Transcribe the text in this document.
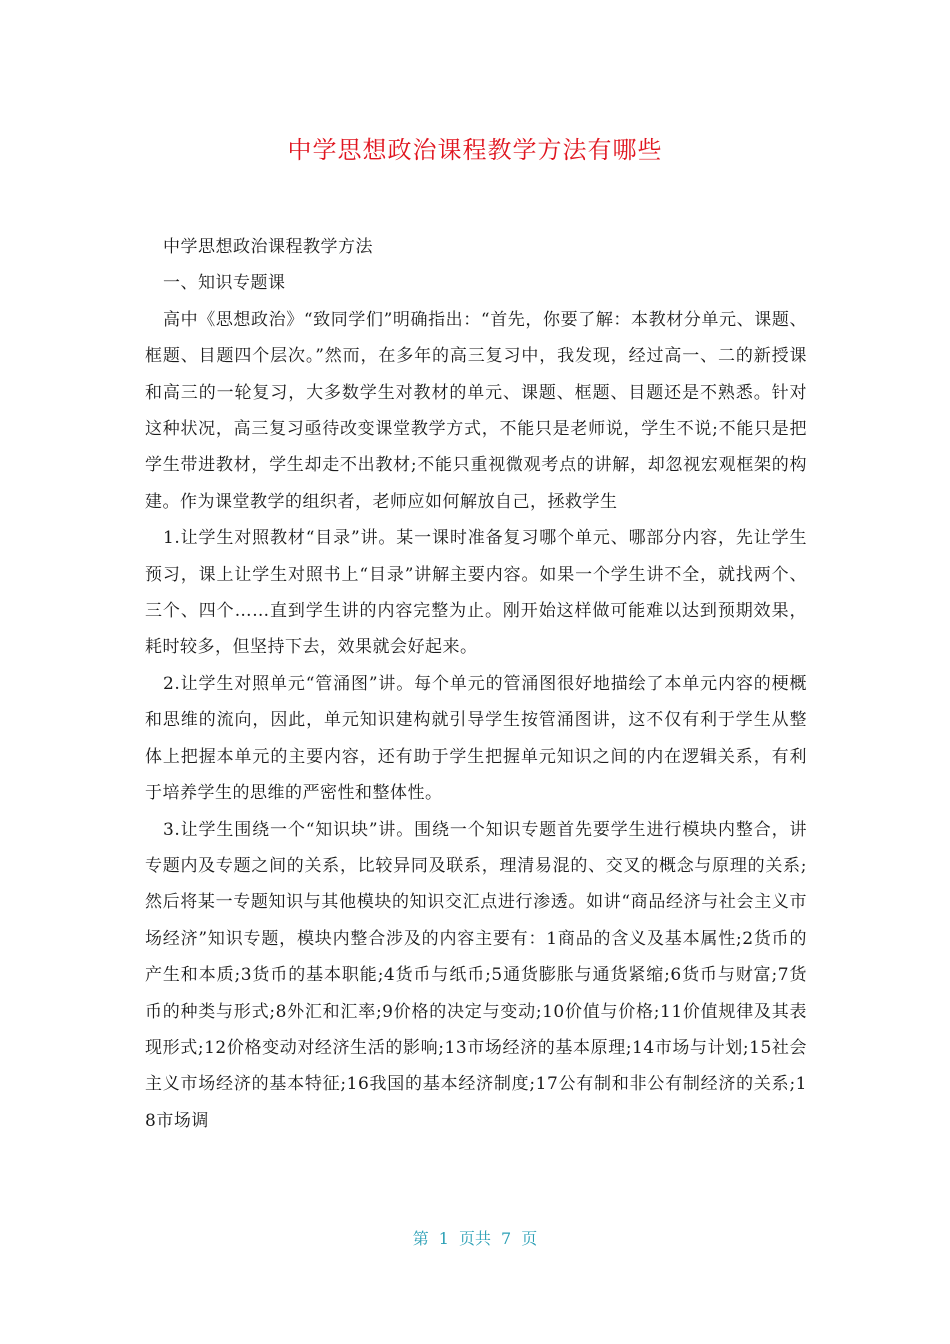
中学思想政治课程教学方法有哪些

中学思想政治课程教学方法

一、知识专题课

高中《思想政治》“致同学们”明确指出：“首先，你要了解：本教材分单元、课题、框题、目题四个层次。”然而，在多年的高三复习中，我发现，经过高一、二的新授课和高三的一轮复习，大多数学生对教材的单元、课题、框题、目题还是不熟悉。针对这种状况，高三复习亟待改变课堂教学方式，不能只是老师说，学生不说;不能只是把学生带进教材，学生却走不出教材;不能只重视微观考点的讲解，却忽视宏观框架的构建。作为课堂教学的组织者，老师应如何解放自己，拯救学生

1.让学生对照教材“目录”讲。某一课时准备复习哪个单元、哪部分内容，先让学生预习，课上让学生对照书上“目录”讲解主要内容。如果一个学生讲不全，就找两个、三个、四个……直到学生讲的内容完整为止。刚开始这样做可能难以达到预期效果，耗时较多，但坚持下去，效果就会好起来。

2.让学生对照单元“管涌图”讲。每个单元的管涌图很好地描绘了本单元内容的梗概和思维的流向，因此，单元知识建构就引导学生按管涌图讲，这不仅有利于学生从整体上把握本单元的主要内容，还有助于学生把握单元知识之间的内在逻辑关系，有利于培养学生的思维的严密性和整体性。

3.让学生围绕一个“知识块”讲。围绕一个知识专题首先要学生进行模块内整合，讲专题内及专题之间的关系，比较异同及联系，理清易混的、交叉的概念与原理的关系;然后将某一专题知识与其他模块的知识交汇点进行渗透。如讲“商品经济与社会主义市场经济”知识专题，模块内整合涉及的内容主要有：1商品的含义及基本属性;2货币的产生和本质;3货币的基本职能;4货币与纸币;5通货膨胀与通货紧缩;6货币与财富;7货币的种类与形式;8外汇和汇率;9价格的决定与变动;10价值与价格;11价值规律及其表现形式;12价格变动对经济生活的影响;13市场经济的基本原理;14市场与计划;15社会主义市场经济的基本特征;16我国的基本经济制度;17公有制和非公有制经济的关系;18市场调

第 1 页共 7 页
